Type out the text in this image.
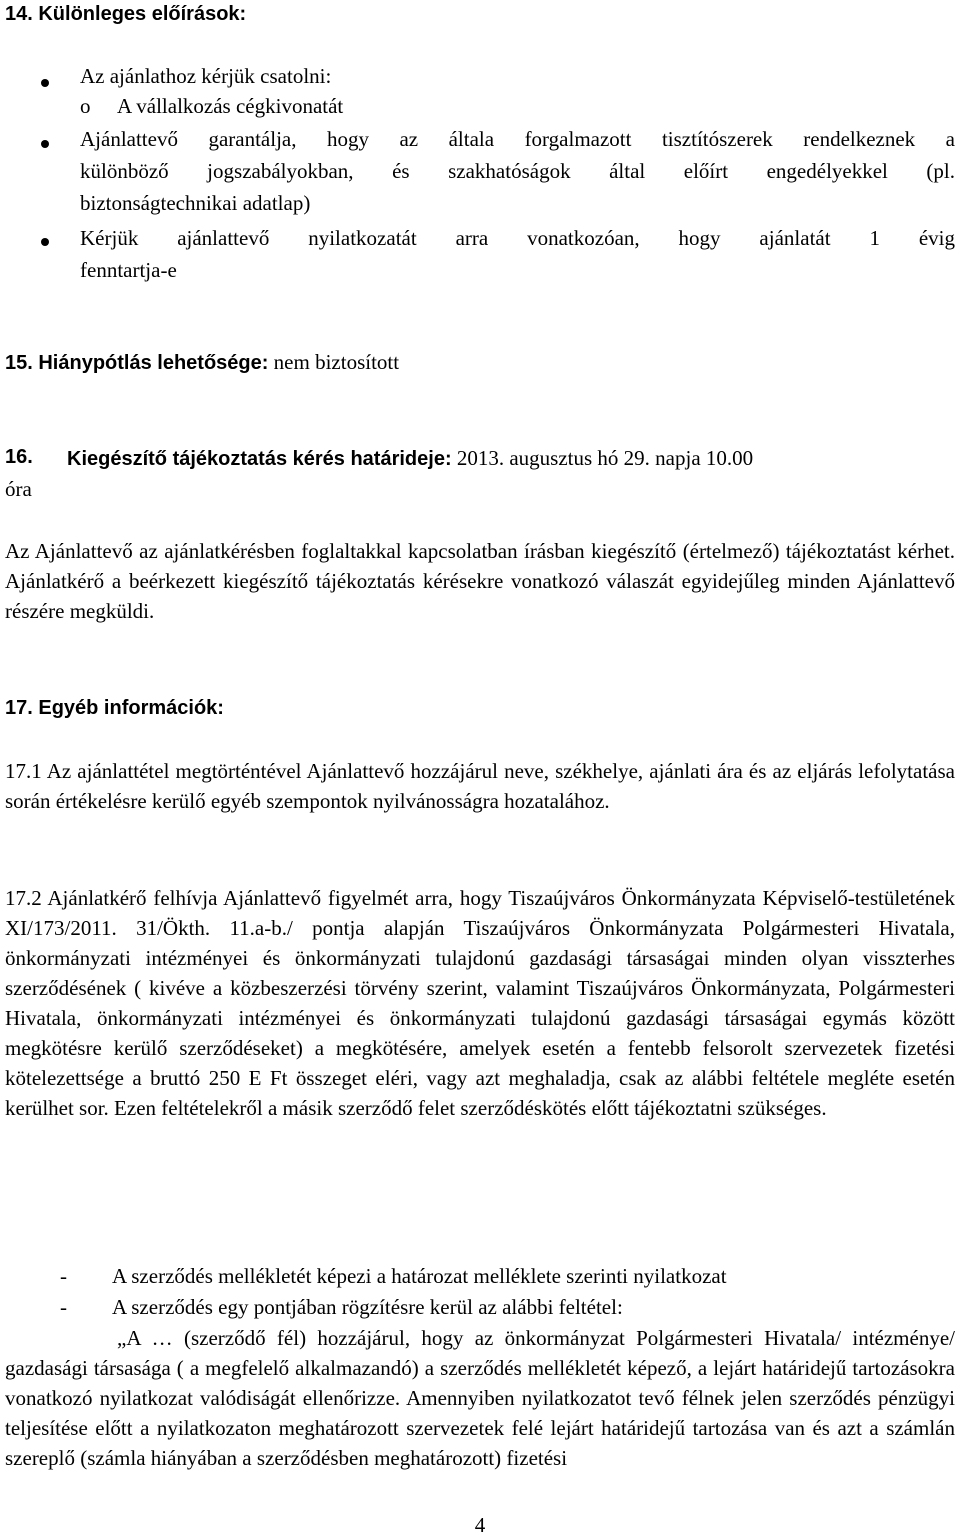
14. Különleges előírások:
Az ajánlathoz kérjük csatolni:
o A vállalkozás cégkivonatát
Ajánlattevő garantálja, hogy az általa forgalmazott tisztítószerek rendelkeznek a
különböző jogszabályokban, és szakhatóságok által előírt engedélyekkel (pl.
biztonságtechnikai adatlap)
Kérjük ajánlattevő nyilatkozatát arra vonatkozóan, hogy ajánlatát 1 évig
fenntartja-e
15. Hiánypótlás lehetősége: nem biztosított
16. Kiegészítő tájékoztatás kérés határideje: 2013. augusztus hó 29. napja 10.00
óra
Az Ajánlattevő az ajánlatkérésben foglaltakkal kapcsolatban írásban kiegészítő (értelmező) tájékoztatást kérhet. Ajánlatkérő a beérkezett kiegészítő tájékoztatás kérésekre vonatkozó válaszát egyidejűleg minden Ajánlattevő részére megküldi.
17. Egyéb információk:
17.1 Az ajánlattétel megtörténtével Ajánlattevő hozzájárul neve, székhelye, ajánlati ára és az eljárás lefolytatása során értékelésre kerülő egyéb szempontok nyilvánosságra hozatalához.
17.2 Ajánlatkérő felhívja Ajánlattevő figyelmét arra, hogy Tiszaújváros Önkormányzata Képviselő-testületének XI/173/2011. 31/Ökth. 11.a-b./ pontja alapján Tiszaújváros Önkormányzata Polgármesteri Hivatala, önkormányzati intézményei és önkormányzati tulajdonú gazdasági társaságai minden olyan visszterhes szerződésének ( kivéve a közbeszerzési törvény szerint, valamint Tiszaújváros Önkormányzata, Polgármesteri Hivatala, önkormányzati intézményei és önkormányzati tulajdonú gazdasági társaságai egymás között megkötésre kerülő szerződéseket) a megkötésére, amelyek esetén a fentebb felsorolt szervezetek fizetési kötelezettsége a bruttó 250 E Ft összeget eléri, vagy azt meghaladja, csak az alábbi feltétele megléte esetén kerülhet sor. Ezen feltételekről a másik szerződő felet szerződéskötés előtt tájékoztatni szükséges.
- A szerződés mellékletét képezi a határozat melléklete szerinti nyilatkozat
- A szerződés egy pontjában rögzítésre kerül az alábbi feltétel:
„A … (szerződő fél) hozzájárul, hogy az önkormányzat Polgármesteri Hivatala/ intézménye/ gazdasági társasága ( a megfelelő alkalmazandó) a szerződés mellékletét képező, a lejárt határidejű tartozásokra vonatkozó nyilatkozat valódiságát ellenőrizze. Amennyiben nyilatkozatot tevő félnek jelen szerződés pénzügyi teljesítése előtt a nyilatkozaton meghatározott szervezetek felé lejárt határidejű tartozása van és azt a számlán szereplő (számla hiányában a szerződésben meghatározott) fizetési
4
